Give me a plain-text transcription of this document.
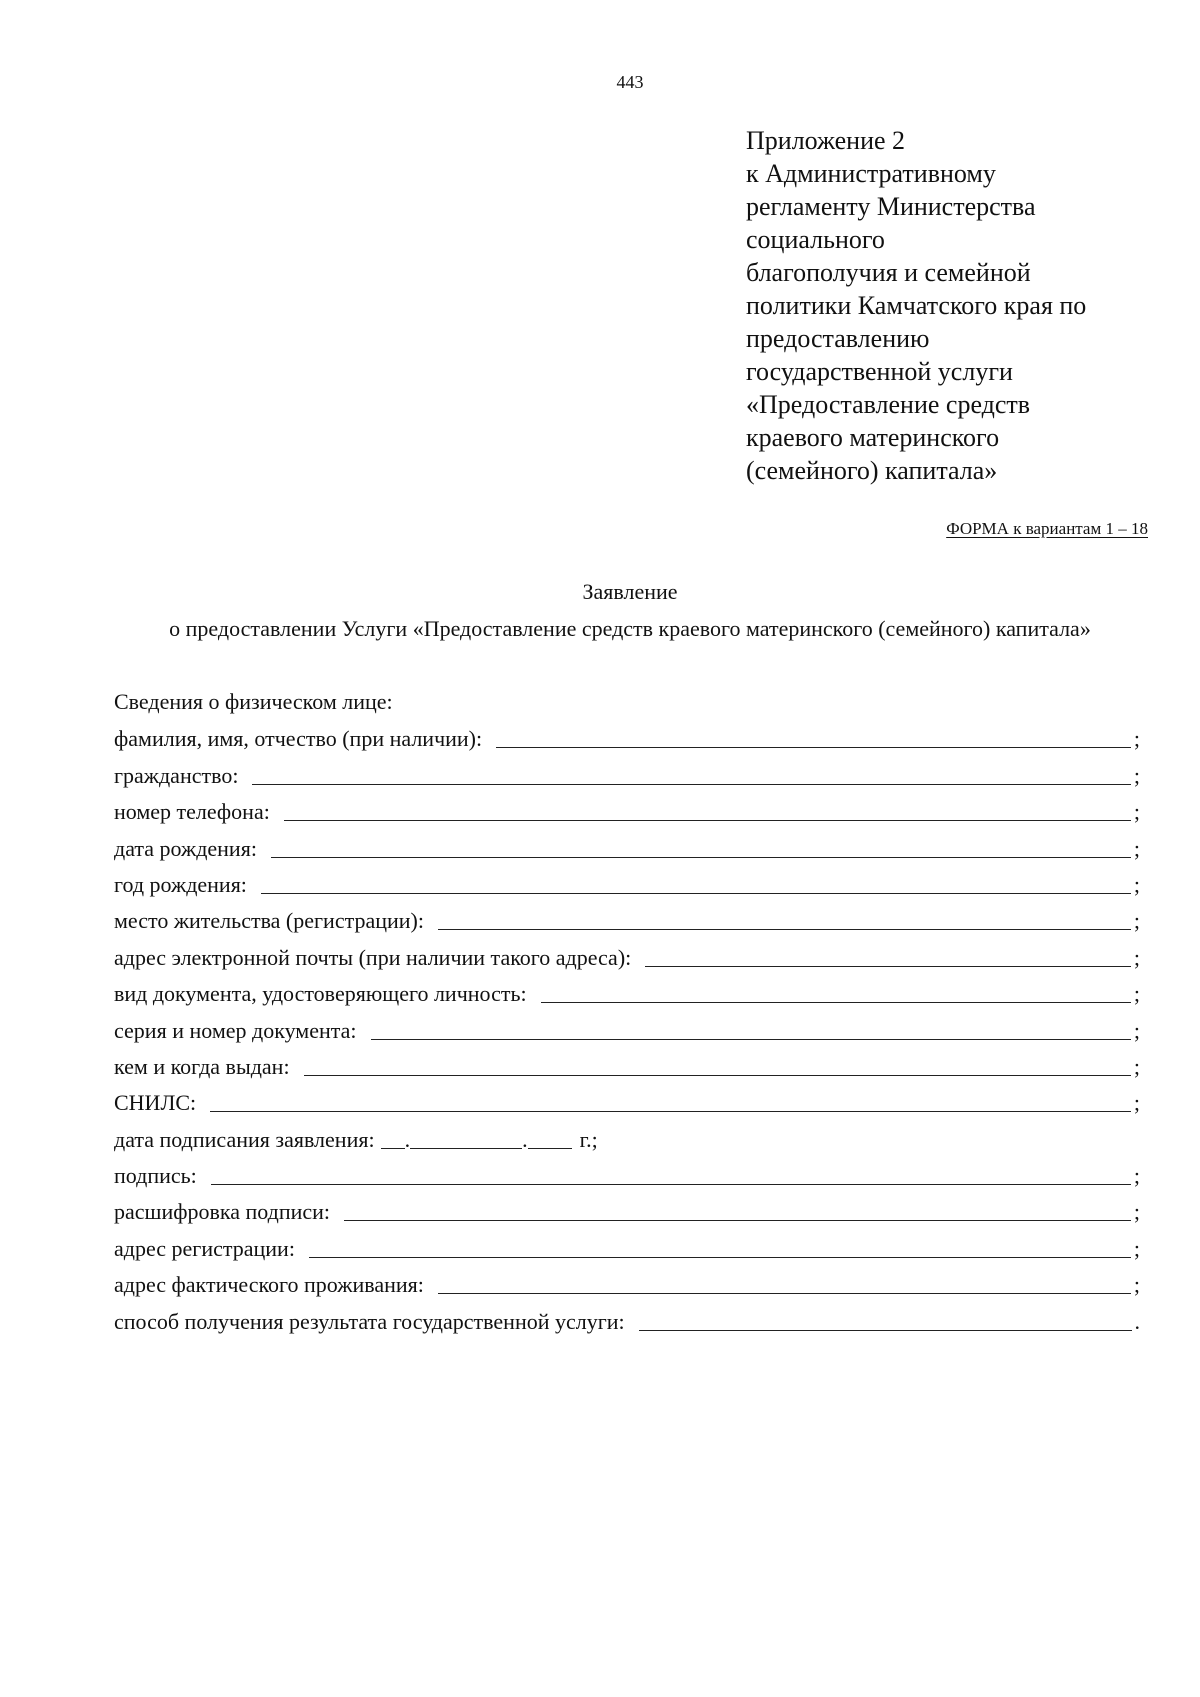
443
Приложение 2
к Административному
регламенту Министерства
социального
благополучия и семейной
политики Камчатского края по
предоставлению
государственной услуги
«Предоставление средств
краевого материнского
(семейного) капитала»
ФОРМА к вариантам 1 – 18
Заявление
о предоставлении Услуги «Предоставление средств краевого материнского (семейного) капитала»
Сведения о физическом лице:
фамилия, имя, отчество (при наличии):	;
гражданство:	;
номер телефона:	;
дата рождения:	;
год рождения:	;
место жительства (регистрации):	;
адрес электронной почты (при наличии такого адреса):	;
вид документа, удостоверяющего личность:	;
серия и номер документа:	;
кем и когда выдан:	;
СНИЛС:	;
дата подписания заявления: .	. г.;
подпись:	;
расшифровка подписи:	;
адрес регистрации:	;
адрес фактического проживания:	;
способ получения результата государственной услуги:	.
